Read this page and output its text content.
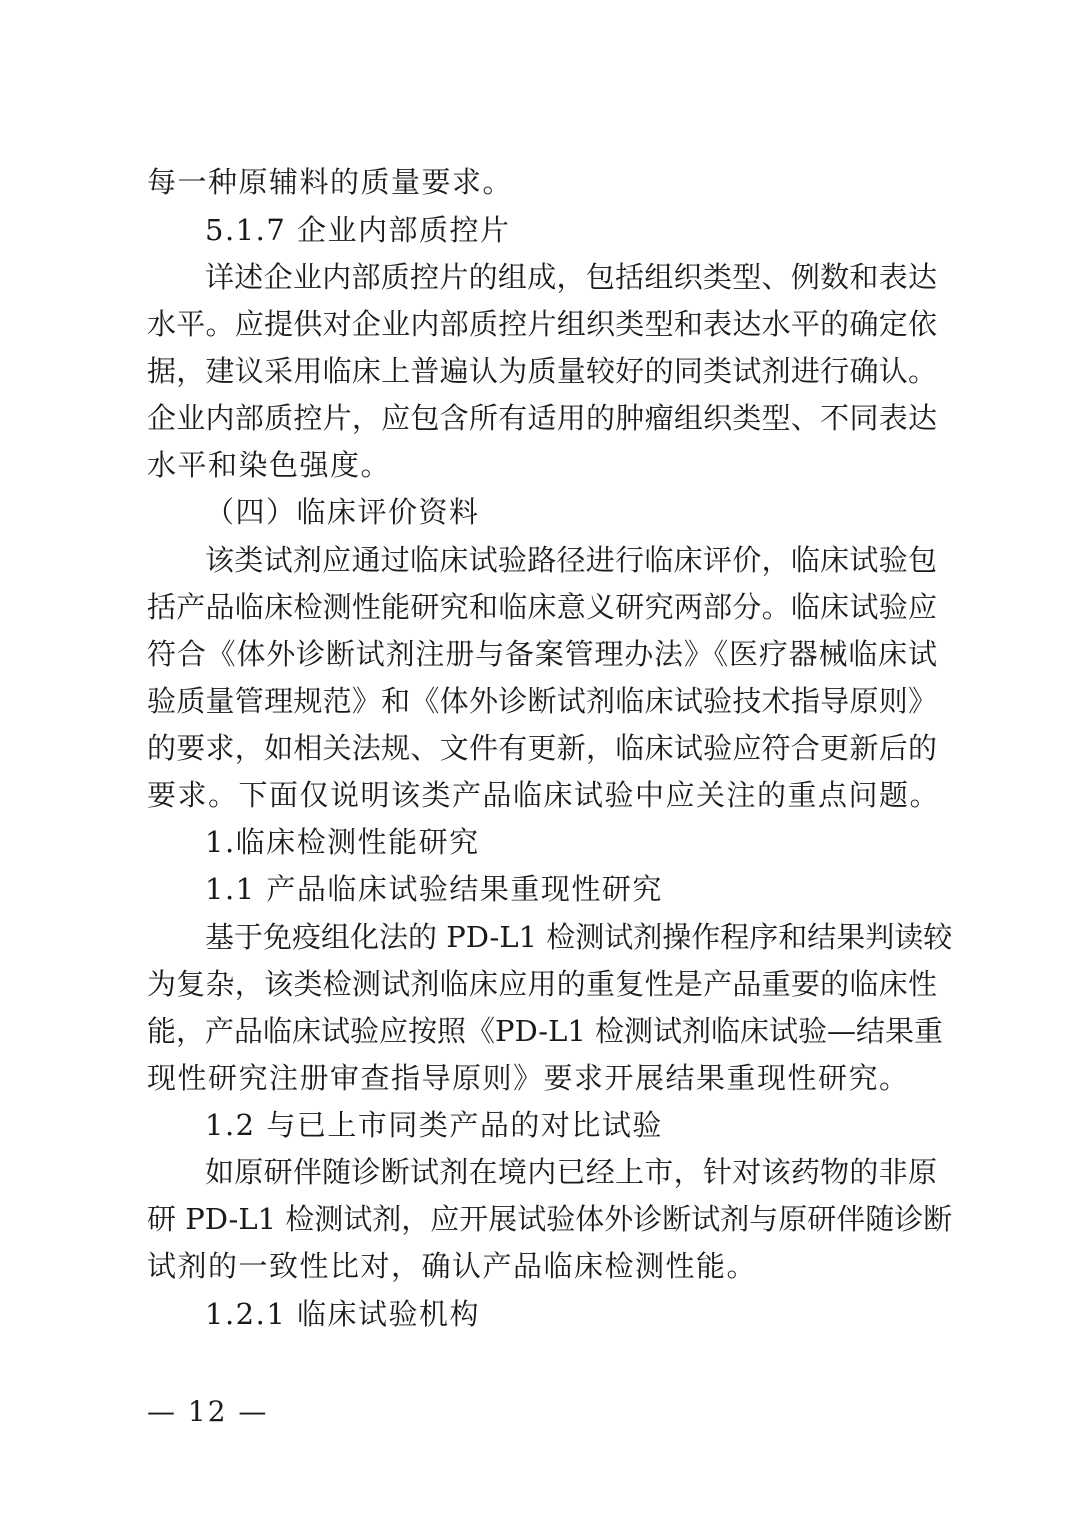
每一种原辅料的质量要求。
5.1.7 企业内部质控片
详述企业内部质控片的组成，包括组织类型、例数和表达
水平。应提供对企业内部质控片组织类型和表达水平的确定依
据，建议采用临床上普遍认为质量较好的同类试剂进行确认。
企业内部质控片，应包含所有适用的肿瘤组织类型、不同表达
水平和染色强度。
（四）临床评价资料
该类试剂应通过临床试验路径进行临床评价，临床试验包
括产品临床检测性能研究和临床意义研究两部分。临床试验应
符合《体外诊断试剂注册与备案管理办法》《医疗器械临床试
验质量管理规范》和《体外诊断试剂临床试验技术指导原则》
的要求，如相关法规、文件有更新，临床试验应符合更新后的
要求。下面仅说明该类产品临床试验中应关注的重点问题。
1.临床检测性能研究
1.1 产品临床试验结果重现性研究
基于免疫组化法的 PD-L1 检测试剂操作程序和结果判读较
为复杂，该类检测试剂临床应用的重复性是产品重要的临床性
能，产品临床试验应按照《PD-L1 检测试剂临床试验—结果重
现性研究注册审查指导原则》要求开展结果重现性研究。
1.2 与已上市同类产品的对比试验
如原研伴随诊断试剂在境内已经上市，针对该药物的非原
研 PD-L1 检测试剂，应开展试验体外诊断试剂与原研伴随诊断
试剂的一致性比对，确认产品临床检测性能。
1.2.1 临床试验机构
— 12 —
